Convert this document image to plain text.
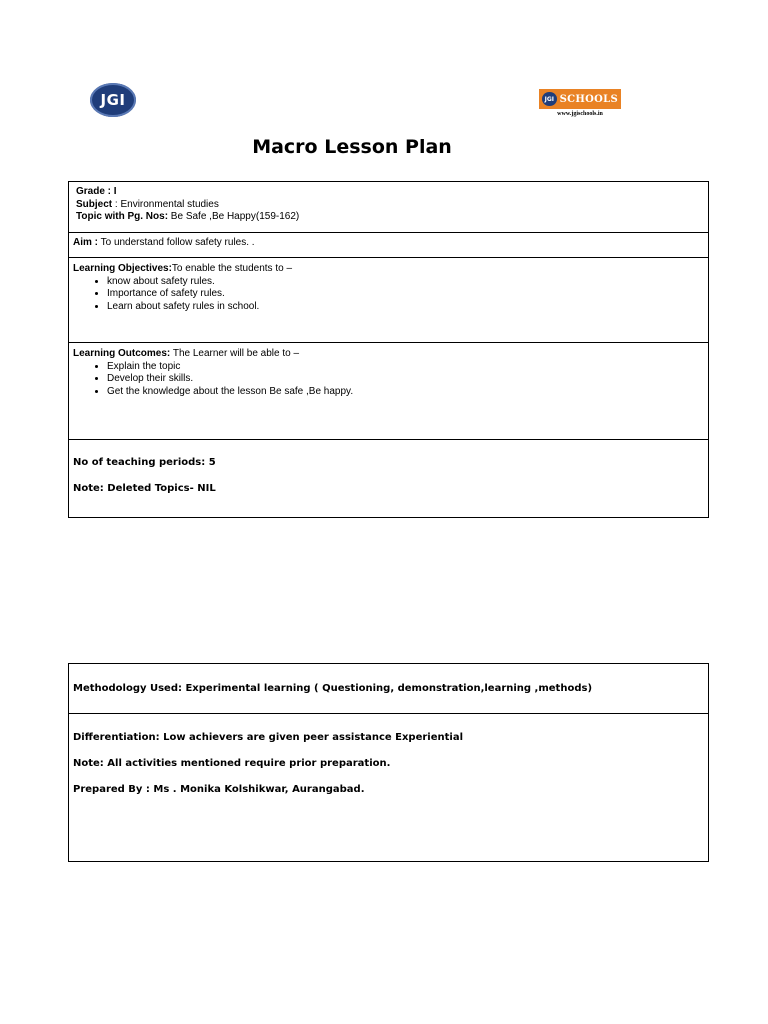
JGI	JGI SCHOOLS
www.jgischools.in
Macro Lesson Plan
Grade : I
Subject : Environmental studies
Topic with Pg. Nos: Be Safe ,Be Happy(159-162)

Aim : To understand follow safety rules. .

Learning Objectives:To enable the students to –
• know about safety rules.
• Importance of safety rules.
• Learn about safety rules in school.

Learning Outcomes: The Learner will be able to –
• Explain the topic
• Develop their skills.
• Get the knowledge about the lesson Be safe ,Be happy.

No of teaching periods: 5
Note: Deleted Topics- NIL
Methodology Used: Experimental learning ( Questioning, demonstration,learning ,methods)

Differentiation: Low achievers are given peer assistance Experiential
Note: All activities mentioned require prior preparation.
Prepared By : Ms . Monika Kolshikwar, Aurangabad.
